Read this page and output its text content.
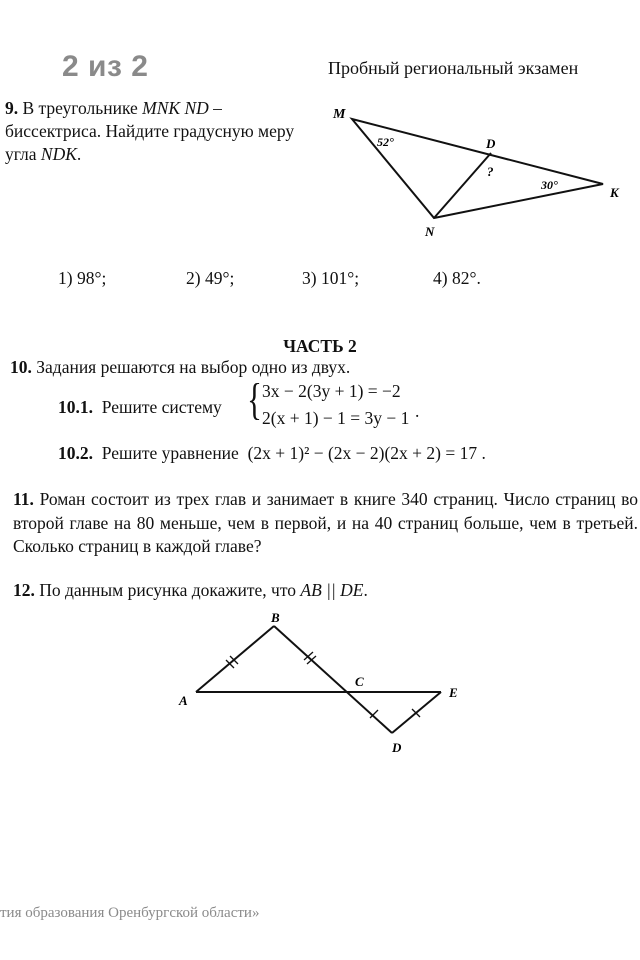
2 из 2	Пробный региональный экзамен
9. В треугольнике MNK ND – биссектриса. Найдите градусную меру угла NDK.
M
D
K
N
52°
30°
?
1) 98°;	2) 49°;	3) 101°;	4) 82°.
ЧАСТЬ 2
10. Задания решаются на выбор одно из двух.
10.1. Решите систему { 3x − 2(3y + 1) = −2
2(x + 1) − 1 = 3y − 1 .
10.2. Решите уравнение (2x + 1)² − (2x − 2)(2x + 2) = 17 .
11. Роман состоит из трех глав и занимает в книге 340 страниц. Число страниц во второй главе на 80 меньше, чем в первой, и на 40 страниц больше, чем в третьей. Сколько страниц в каждой главе?
12. По данным рисунка докажите, что AB || DE.
B
A
C
E
D
тия образования Оренбургской области»
